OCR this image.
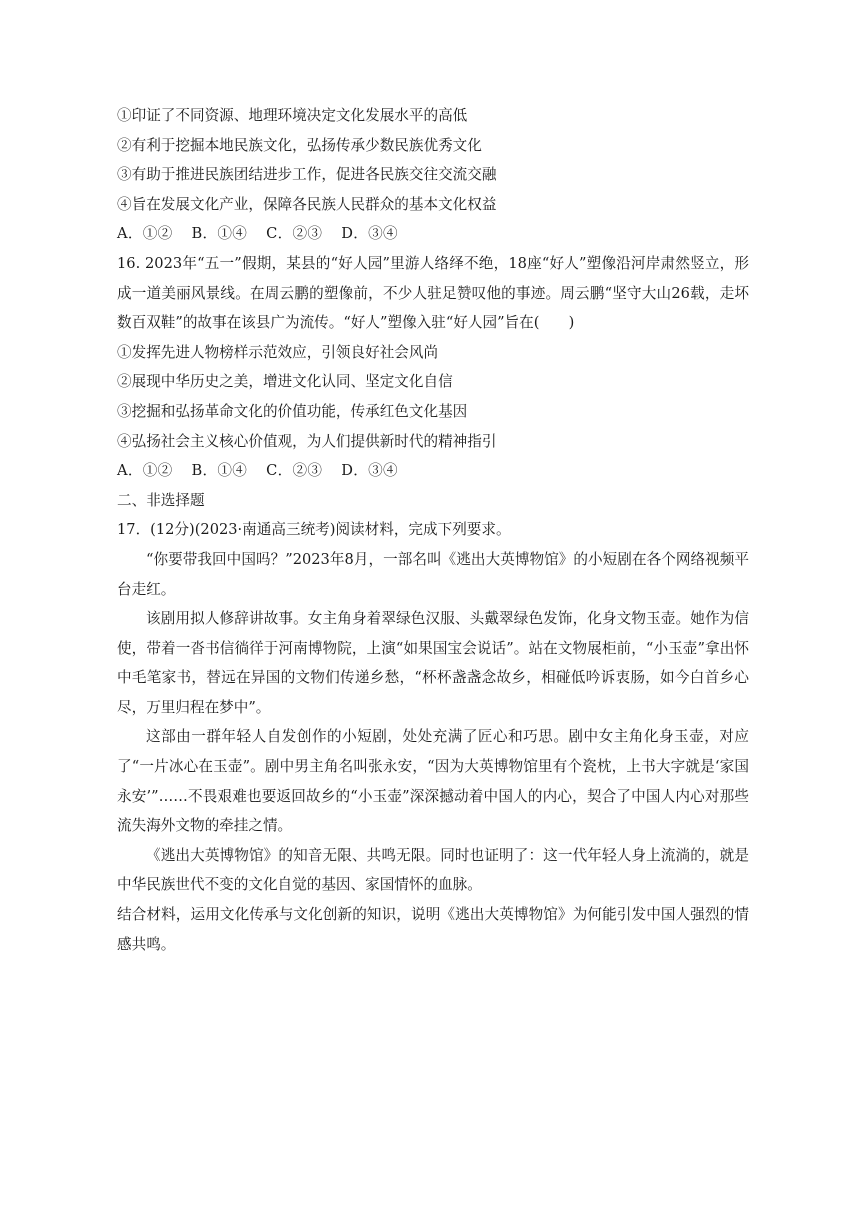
①印证了不同资源、地理环境决定文化发展水平的高低
②有利于挖掘本地民族文化，弘扬传承少数民族优秀文化
③有助于推进民族团结进步工作，促进各民族交往交流交融
④旨在发展文化产业，保障各民族人民群众的基本文化权益
A．①② B．①④ C．②③ D．③④
16. 2023年“五一”假期，某县的“好人园”里游人络绎不绝，18座“好人”塑像沿河岸肃然竖立，形成一道美丽风景线。在周云鹏的塑像前，不少人驻足赞叹他的事迹。周云鹏“坚守大山26载，走坏数百双鞋”的故事在该县广为流传。“好人”塑像入驻“好人园”旨在(　　)
①发挥先进人物榜样示范效应，引领良好社会风尚
②展现中华历史之美，增进文化认同、坚定文化自信
③挖掘和弘扬革命文化的价值功能，传承红色文化基因
④弘扬社会主义核心价值观，为人们提供新时代的精神指引
A．①② B．①④ C．②③ D．③④
二、非选择题
17．(12分)(2023·南通高三统考)阅读材料，完成下列要求。
“你要带我回中国吗？”2023年8月，一部名叫《逃出大英博物馆》的小短剧在各个网络视频平台走红。
该剧用拟人修辞讲故事。女主角身着翠绿色汉服、头戴翠绿色发饰，化身文物玉壶。她作为信使，带着一沓书信徜徉于河南博物院，上演“如果国宝会说话”。站在文物展柜前，“小玉壶”拿出怀中毛笔家书，替远在异国的文物们传递乡愁，“杯杯盏盏念故乡，相碰低吟诉衷肠，如今白首乡心尽，万里归程在梦中”。
这部由一群年轻人自发创作的小短剧，处处充满了匠心和巧思。剧中女主角化身玉壶，对应了“一片冰心在玉壶”。剧中男主角名叫张永安，“因为大英博物馆里有个瓷枕，上书大字就是‘家国永安’”……不畏艰难也要返回故乡的“小玉壶”深深撼动着中国人的内心，契合了中国人内心对那些流失海外文物的牵挂之情。
《逃出大英博物馆》的知音无限、共鸣无限。同时也证明了：这一代年轻人身上流淌的，就是中华民族世代不变的文化自觉的基因、家国情怀的血脉。
结合材料，运用文化传承与文化创新的知识，说明《逃出大英博物馆》为何能引发中国人强烈的情感共鸣。
